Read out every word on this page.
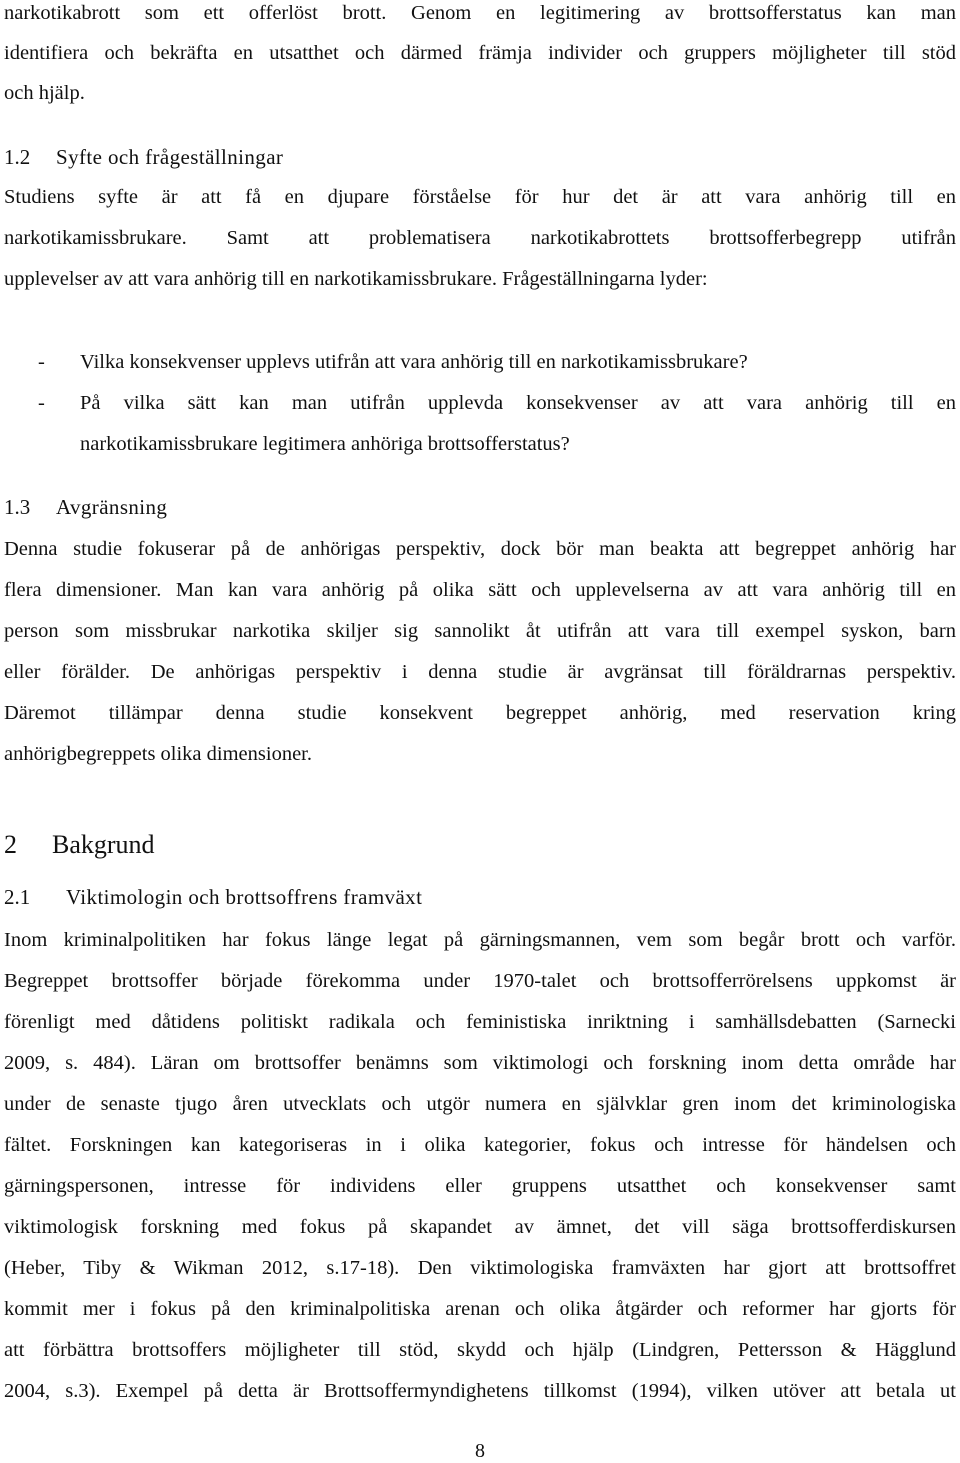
narkotikabrott som ett offerlöst brott. Genom en legitimering av brottsofferstatus kan man
identifiera och bekräfta en utsatthet och därmed främja individer och gruppers möjligheter till stöd
och hjälp.
1.2 Syfte och frågeställningar
Studiens syfte är att få en djupare förståelse för hur det är att vara anhörig till en
narkotikamissbrukare. Samt att problematisera narkotikabrottets brottsofferbegrepp utifrån
upplevelser av att vara anhörig till en narkotikamissbrukare. Frågeställningarna lyder:
- Vilka konsekvenser upplevs utifrån att vara anhörig till en narkotikamissbrukare?
- På vilka sätt kan man utifrån upplevda konsekvenser av att vara anhörig till en
narkotikamissbrukare legitimera anhöriga brottsofferstatus?
1.3 Avgränsning
Denna studie fokuserar på de anhörigas perspektiv, dock bör man beakta att begreppet anhörig har
flera dimensioner. Man kan vara anhörig på olika sätt och upplevelserna av att vara anhörig till en
person som missbrukar narkotika skiljer sig sannolikt åt utifrån att vara till exempel syskon, barn
eller förälder. De anhörigas perspektiv i denna studie är avgränsat till föräldrarnas perspektiv.
Däremot tillämpar denna studie konsekvent begreppet anhörig, med reservation kring
anhörigbegreppets olika dimensioner.
2 Bakgrund
2.1 Viktimologin och brottsoffrens framväxt
Inom kriminalpolitiken har fokus länge legat på gärningsmannen, vem som begår brott och varför.
Begreppet brottsoffer började förekomma under 1970-talet och brottsofferrörelsens uppkomst är
förenligt med dåtidens politiskt radikala och feministiska inriktning i samhällsdebatten (Sarnecki
2009, s. 484). Läran om brottsoffer benämns som viktimologi och forskning inom detta område har
under de senaste tjugo åren utvecklats och utgör numera en självklar gren inom det kriminologiska
fältet. Forskningen kan kategoriseras in i olika kategorier, fokus och intresse för händelsen och
gärningspersonen, intresse för individens eller gruppens utsatthet och konsekvenser samt
viktimologisk forskning med fokus på skapandet av ämnet, det vill säga brottsofferdiskursen
(Heber, Tiby & Wikman 2012, s.17-18). Den viktimologiska framväxten har gjort att brottsoffret
kommit mer i fokus på den kriminalpolitiska arenan och olika åtgärder och reformer har gjorts för
att förbättra brottsoffers möjligheter till stöd, skydd och hjälp (Lindgren, Pettersson & Hägglund
2004, s.3). Exempel på detta är Brottsoffermyndighetens tillkomst (1994), vilken utöver att betala ut
8
